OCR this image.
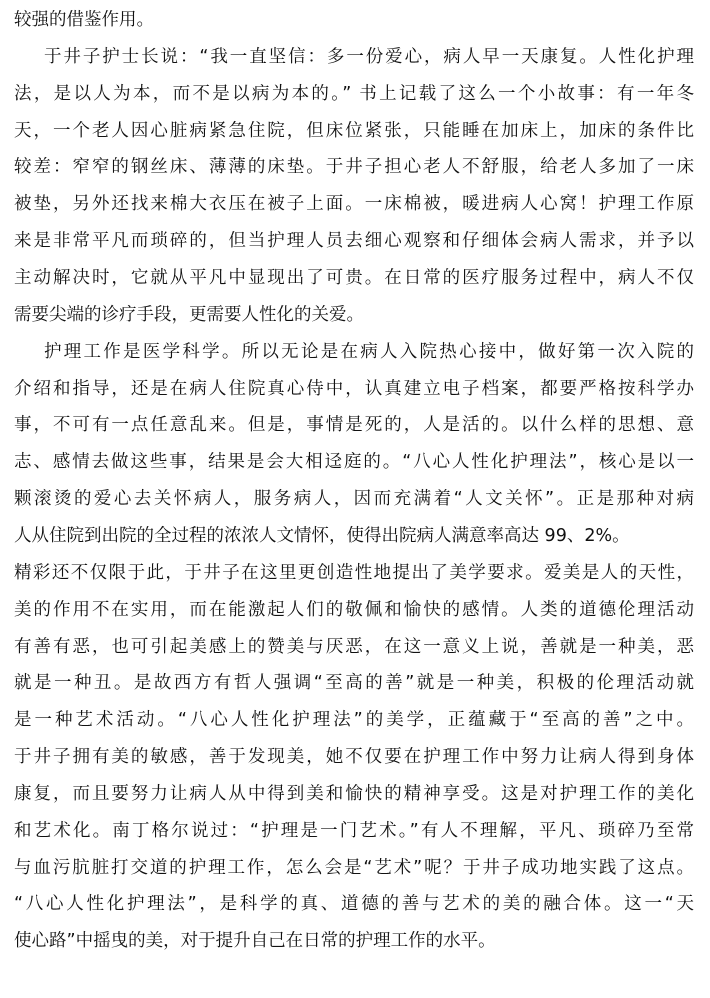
较强的借鉴作用。
于井子护士长说：“我一直坚信：多一份爱心，病人早一天康复。人性化护理
法，是以人为本，而不是以病为本的。” 书上记载了这么一个小故事：有一年冬
天，一个老人因心脏病紧急住院，但床位紧张，只能睡在加床上，加床的条件比
较差：窄窄的钢丝床、薄薄的床垫。于井子担心老人不舒服，给老人多加了一床
被垫，另外还找来棉大衣压在被子上面。一床棉被，暖进病人心窝！护理工作原
来是非常平凡而琐碎的，但当护理人员去细心观察和仔细体会病人需求，并予以
主动解决时，它就从平凡中显现出了可贵。在日常的医疗服务过程中，病人不仅
需要尖端的诊疗手段，更需要人性化的关爱。
护理工作是医学科学。所以无论是在病人入院热心接中，做好第一次入院的
介绍和指导，还是在病人住院真心侍中，认真建立电子档案，都要严格按科学办
事，不可有一点任意乱来。但是，事情是死的，人是活的。以什么样的思想、意
志、感情去做这些事，结果是会大相迳庭的。“八心人性化护理法”，核心是以一
颗滚烫的爱心去关怀病人，服务病人，因而充满着“人文关怀”。正是那种对病
人从住院到出院的全过程的浓浓人文情怀，使得出院病人满意率高达 99、2%。
精彩还不仅限于此，于井子在这里更创造性地提出了美学要求。爱美是人的天性，
美的作用不在实用，而在能激起人们的敬佩和愉快的感情。人类的道德伦理活动
有善有恶，也可引起美感上的赞美与厌恶，在这一意义上说，善就是一种美，恶
就是一种丑。是故西方有哲人强调“至高的善”就是一种美，积极的伦理活动就
是一种艺术活动。“八心人性化护理法”的美学，正蕴藏于“至高的善”之中。
于井子拥有美的敏感，善于发现美，她不仅要在护理工作中努力让病人得到身体
康复，而且要努力让病人从中得到美和愉快的精神享受。这是对护理工作的美化
和艺术化。南丁格尔说过：“护理是一门艺术。”有人不理解，平凡、琐碎乃至常
与血污肮脏打交道的护理工作，怎么会是“艺术”呢？于井子成功地实践了这点。
“八心人性化护理法”，是科学的真、道德的善与艺术的美的融合体。这一“天
使心路”中摇曳的美，对于提升自己在日常的护理工作的水平。
